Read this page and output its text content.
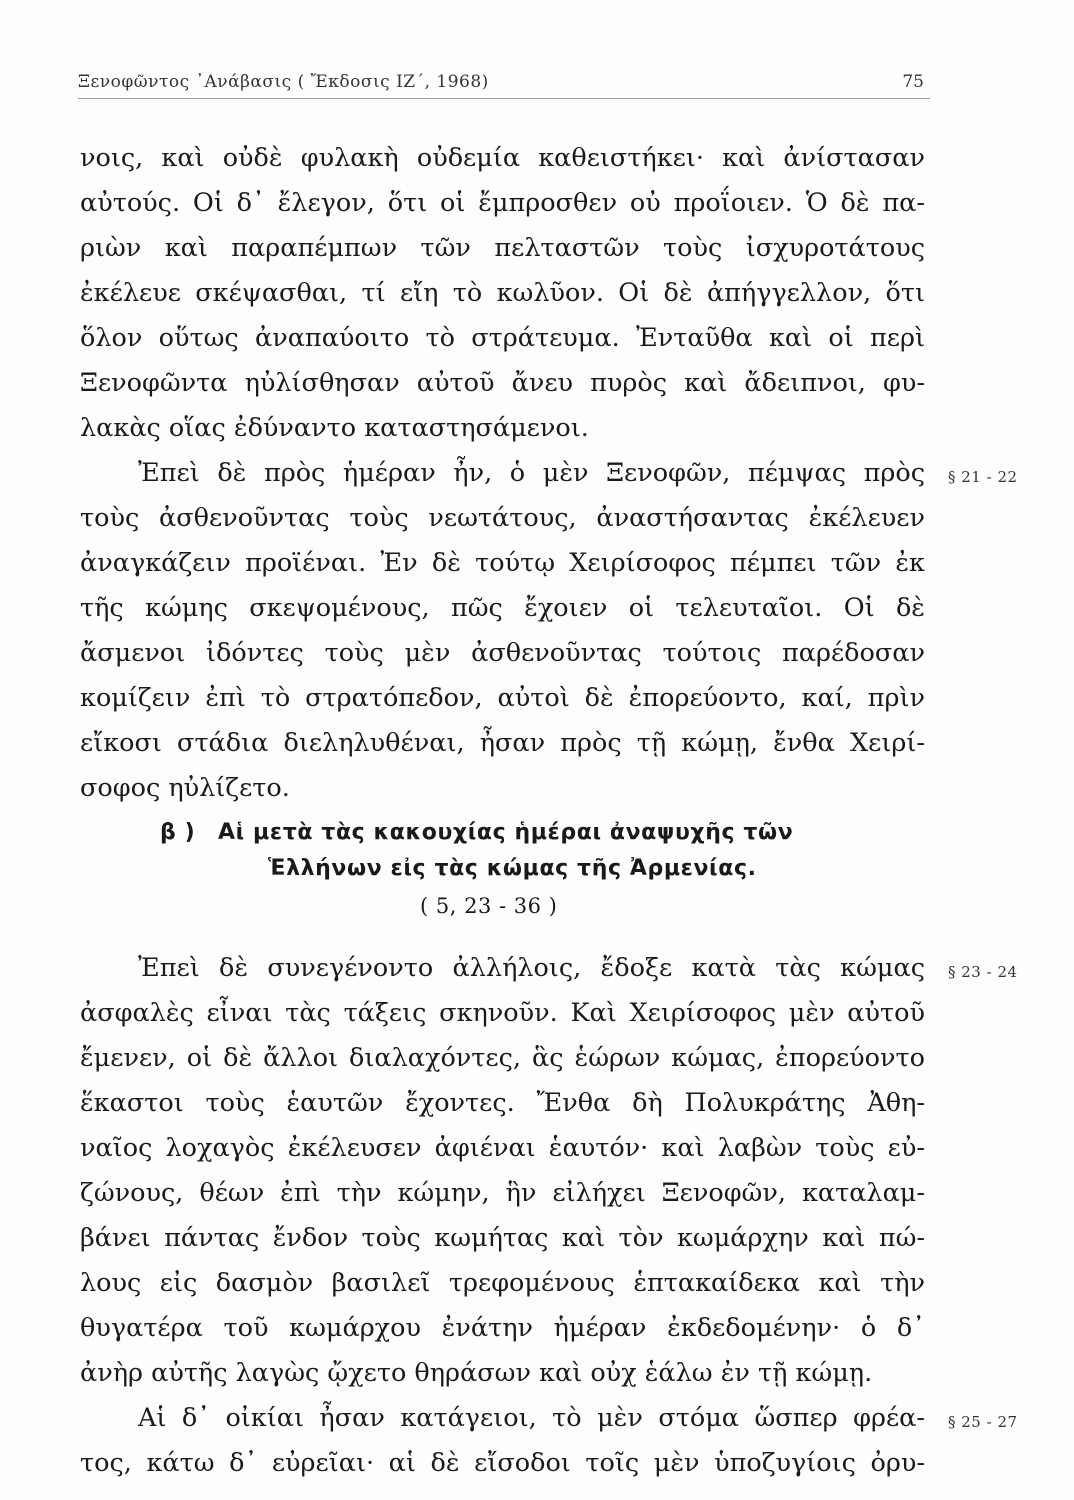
Ξενοφῶντος ᾿Ανάβασις ( Ἔκδοσις ΙΖ΄, 1968)	75
νοις, καὶ οὐδὲ φυλακὴ οὐδεμία καθειστήκει· καὶ ἀνίστασαν
αὐτούς. Οἱ δ᾿ ἔλεγον, ὅτι οἱ ἔμπροσθεν οὐ προΐοιεν. Ὁ δὲ πα-
ριὼν καὶ παραπέμπων τῶν πελταστῶν τοὺς ἰσχυροτάτους
ἐκέλευε σκέψασθαι, τί εἴη τὸ κωλῦον. Οἱ δὲ ἀπήγγελλον, ὅτι
ὅλον οὕτως ἀναπαύοιτο τὸ στράτευμα. Ἐνταῦθα καὶ οἱ περὶ
Ξενοφῶντα ηὐλίσθησαν αὐτοῦ ἄνευ πυρὸς καὶ ἄδειπνοι, φυ-
λακὰς οἵας ἐδύναντο καταστησάμενοι.
Ἐπεὶ δὲ πρὸς ἡμέραν ἦν, ὁ μὲν Ξενοφῶν, πέμψας πρὸς § 21 - 22
τοὺς ἀσθενοῦντας τοὺς νεωτάτους, ἀναστήσαντας ἐκέλευεν
ἀναγκάζειν προϊέναι. Ἐν δὲ τούτῳ Χειρίσοφος πέμπει τῶν ἐκ
τῆς κώμης σκεψομένους, πῶς ἔχοιεν οἱ τελευταῖοι. Οἱ δὲ
ἄσμενοι ἰδόντες τοὺς μὲν ἀσθενοῦντας τούτοις παρέδοσαν
κομίζειν ἐπὶ τὸ στρατόπεδον, αὐτοὶ δὲ ἐπορεύοντο, καί, πρὶν
εἴκοσι στάδια διεληλυθέναι, ἦσαν πρὸς τῇ κώμῃ, ἔνθα Χειρί-
σοφος ηὐλίζετο.
β ) Αἱ μετὰ τὰς κακουχίας ἡμέραι ἀναψυχῆς τῶν
Ἑλλήνων εἰς τὰς κώμας τῆς Ἀρμενίας.
( 5, 23 - 36 )
Ἐπεὶ δὲ συνεγένοντο ἀλλήλοις, ἔδοξε κατὰ τὰς κώμας § 23 - 24
ἀσφαλὲς εἶναι τὰς τάξεις σκηνοῦν. Καὶ Χειρίσοφος μὲν αὐτοῦ
ἔμενεν, οἱ δὲ ἄλλοι διαλαχόντες, ἃς ἑώρων κώμας, ἐπορεύοντο
ἕκαστοι τοὺς ἑαυτῶν ἔχοντες. Ἔνθα δὴ Πολυκράτης Ἀθη-
ναῖος λοχαγὸς ἐκέλευσεν ἀφιέναι ἑαυτόν· καὶ λαβὼν τοὺς εὐ-
ζώνους, θέων ἐπὶ τὴν κώμην, ἣν εἰλήχει Ξενοφῶν, καταλαμ-
βάνει πάντας ἔνδον τοὺς κωμήτας καὶ τὸν κωμάρχην καὶ πώ-
λους εἰς δασμὸν βασιλεῖ τρεφομένους ἑπτακαίδεκα καὶ τὴν
θυγατέρα τοῦ κωμάρχου ἐνάτην ἡμέραν ἐκδεδομένην· ὁ δ᾿
ἀνὴρ αὐτῆς λαγὼς ᾤχετο θηράσων καὶ οὐχ ἑάλω ἐν τῇ κώμῃ.
Αἱ δ᾿ οἰκίαι ἦσαν κατάγειοι, τὸ μὲν στόμα ὥσπερ φρέα- § 25 - 27
τος, κάτω δ᾿ εὐρεῖαι· αἱ δὲ εἴσοδοι τοῖς μὲν ὑποζυγίοις ὀρυ-
